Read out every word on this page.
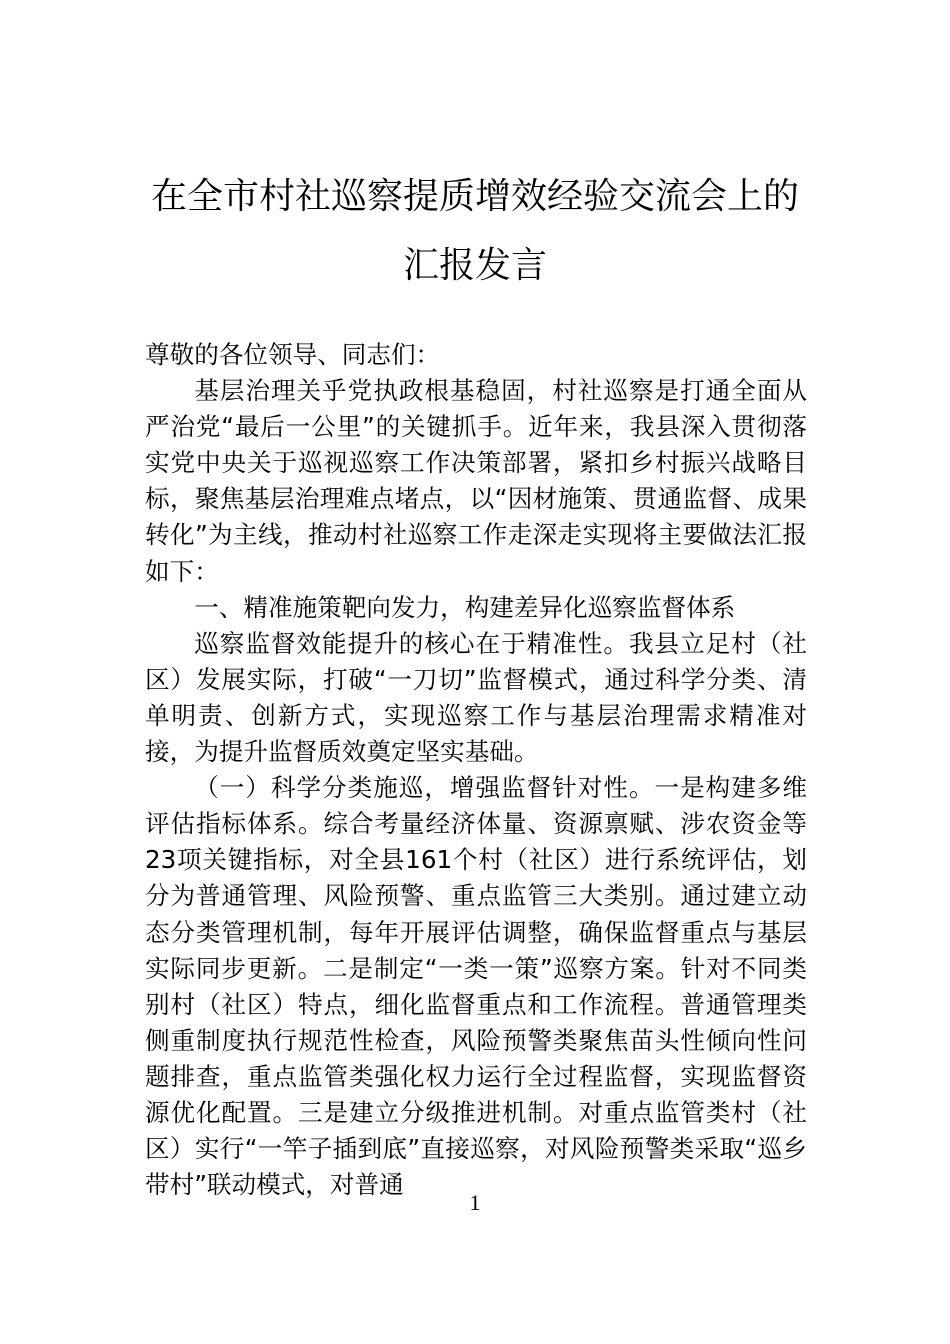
在全市村社巡察提质增效经验交流会上的
汇报发言

尊敬的各位领导、同志们：

基层治理关乎党执政根基稳固，村社巡察是打通全面从严治党“最后一公里”的关键抓手。近年来，我县深入贯彻落实党中央关于巡视巡察工作决策部署，紧扣乡村振兴战略目标，聚焦基层治理难点堵点，以“因材施策、贯通监督、成果转化”为主线，推动村社巡察工作走深走实现将主要做法汇报如下：

一、精准施策靶向发力，构建差异化巡察监督体系

巡察监督效能提升的核心在于精准性。我县立足村（社区）发展实际，打破“一刀切”监督模式，通过科学分类、清单明责、创新方式，实现巡察工作与基层治理需求精准对接，为提升监督质效奠定坚实基础。

（一）科学分类施巡，增强监督针对性。一是构建多维评估指标体系。综合考量经济体量、资源禀赋、涉农资金等23项关键指标，对全县161个村（社区）进行系统评估，划分为普通管理、风险预警、重点监管三大类别。通过建立动态分类管理机制，每年开展评估调整，确保监督重点与基层实际同步更新。二是制定“一类一策”巡察方案。针对不同类别村（社区）特点，细化监督重点和工作流程。普通管理类侧重制度执行规范性检查，风险预警类聚焦苗头性倾向性问题排查，重点监管类强化权力运行全过程监督，实现监督资源优化配置。三是建立分级推进机制。对重点监管类村（社区）实行“一竿子插到底”直接巡察，对风险预警类采取“巡乡带村”联动模式，对普通

1
